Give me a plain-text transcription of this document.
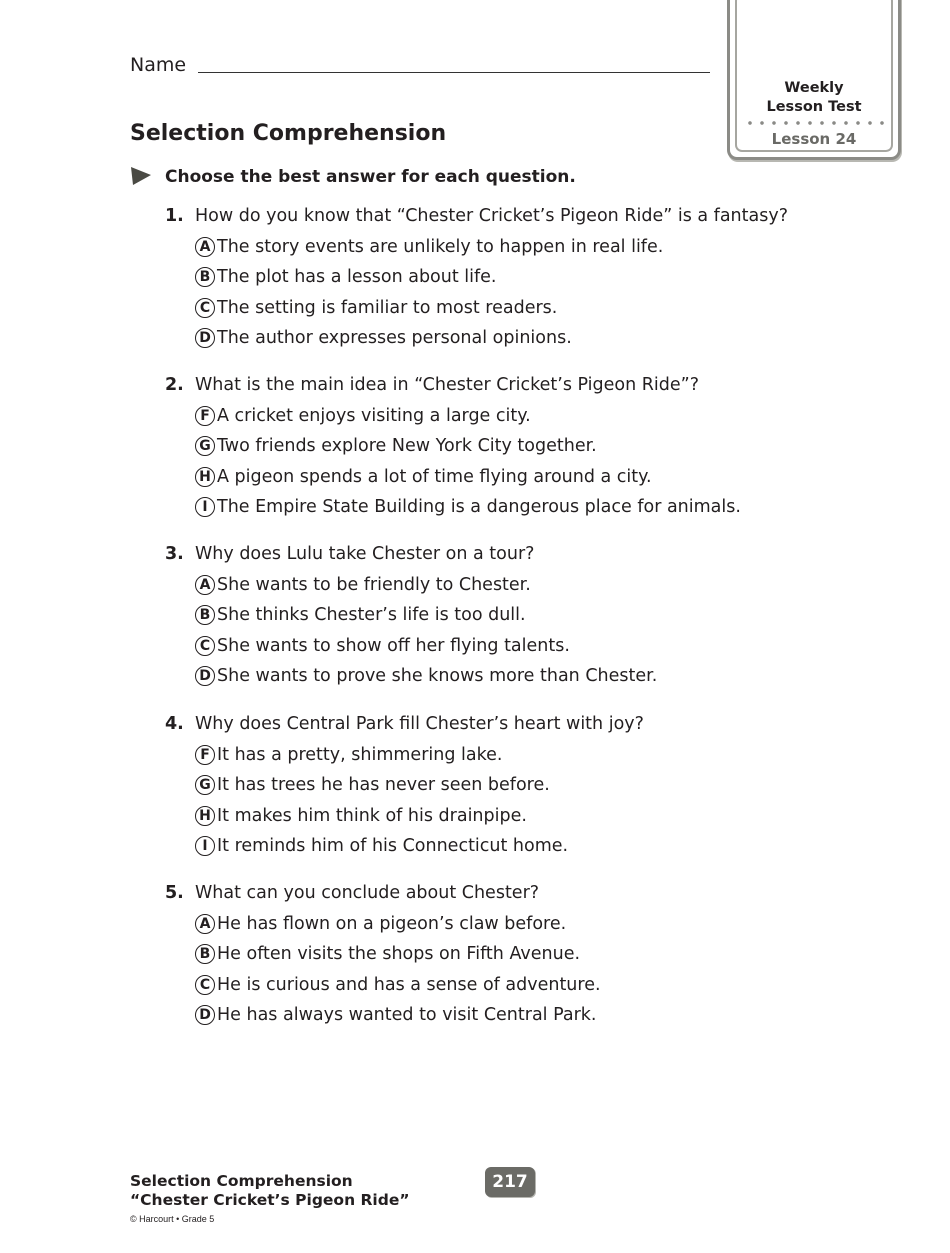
Name
Weekly
Lesson Test
Lesson 24
Selection Comprehension
Choose the best answer for each question.
1. How do you know that “Chester Cricket’s Pigeon Ride” is a fantasy?
A The story events are unlikely to happen in real life.
B The plot has a lesson about life.
C The setting is familiar to most readers.
D The author expresses personal opinions.
2. What is the main idea in “Chester Cricket’s Pigeon Ride”?
F A cricket enjoys visiting a large city.
G Two friends explore New York City together.
H A pigeon spends a lot of time flying around a city.
I The Empire State Building is a dangerous place for animals.
3. Why does Lulu take Chester on a tour?
A She wants to be friendly to Chester.
B She thinks Chester’s life is too dull.
C She wants to show off her flying talents.
D She wants to prove she knows more than Chester.
4. Why does Central Park fill Chester’s heart with joy?
F It has a pretty, shimmering lake.
G It has trees he has never seen before.
H It makes him think of his drainpipe.
I It reminds him of his Connecticut home.
5. What can you conclude about Chester?
A He has flown on a pigeon’s claw before.
B He often visits the shops on Fifth Avenue.
C He is curious and has a sense of adventure.
D He has always wanted to visit Central Park.
Selection Comprehension
“Chester Cricket’s Pigeon Ride”
© Harcourt • Grade 5
217
